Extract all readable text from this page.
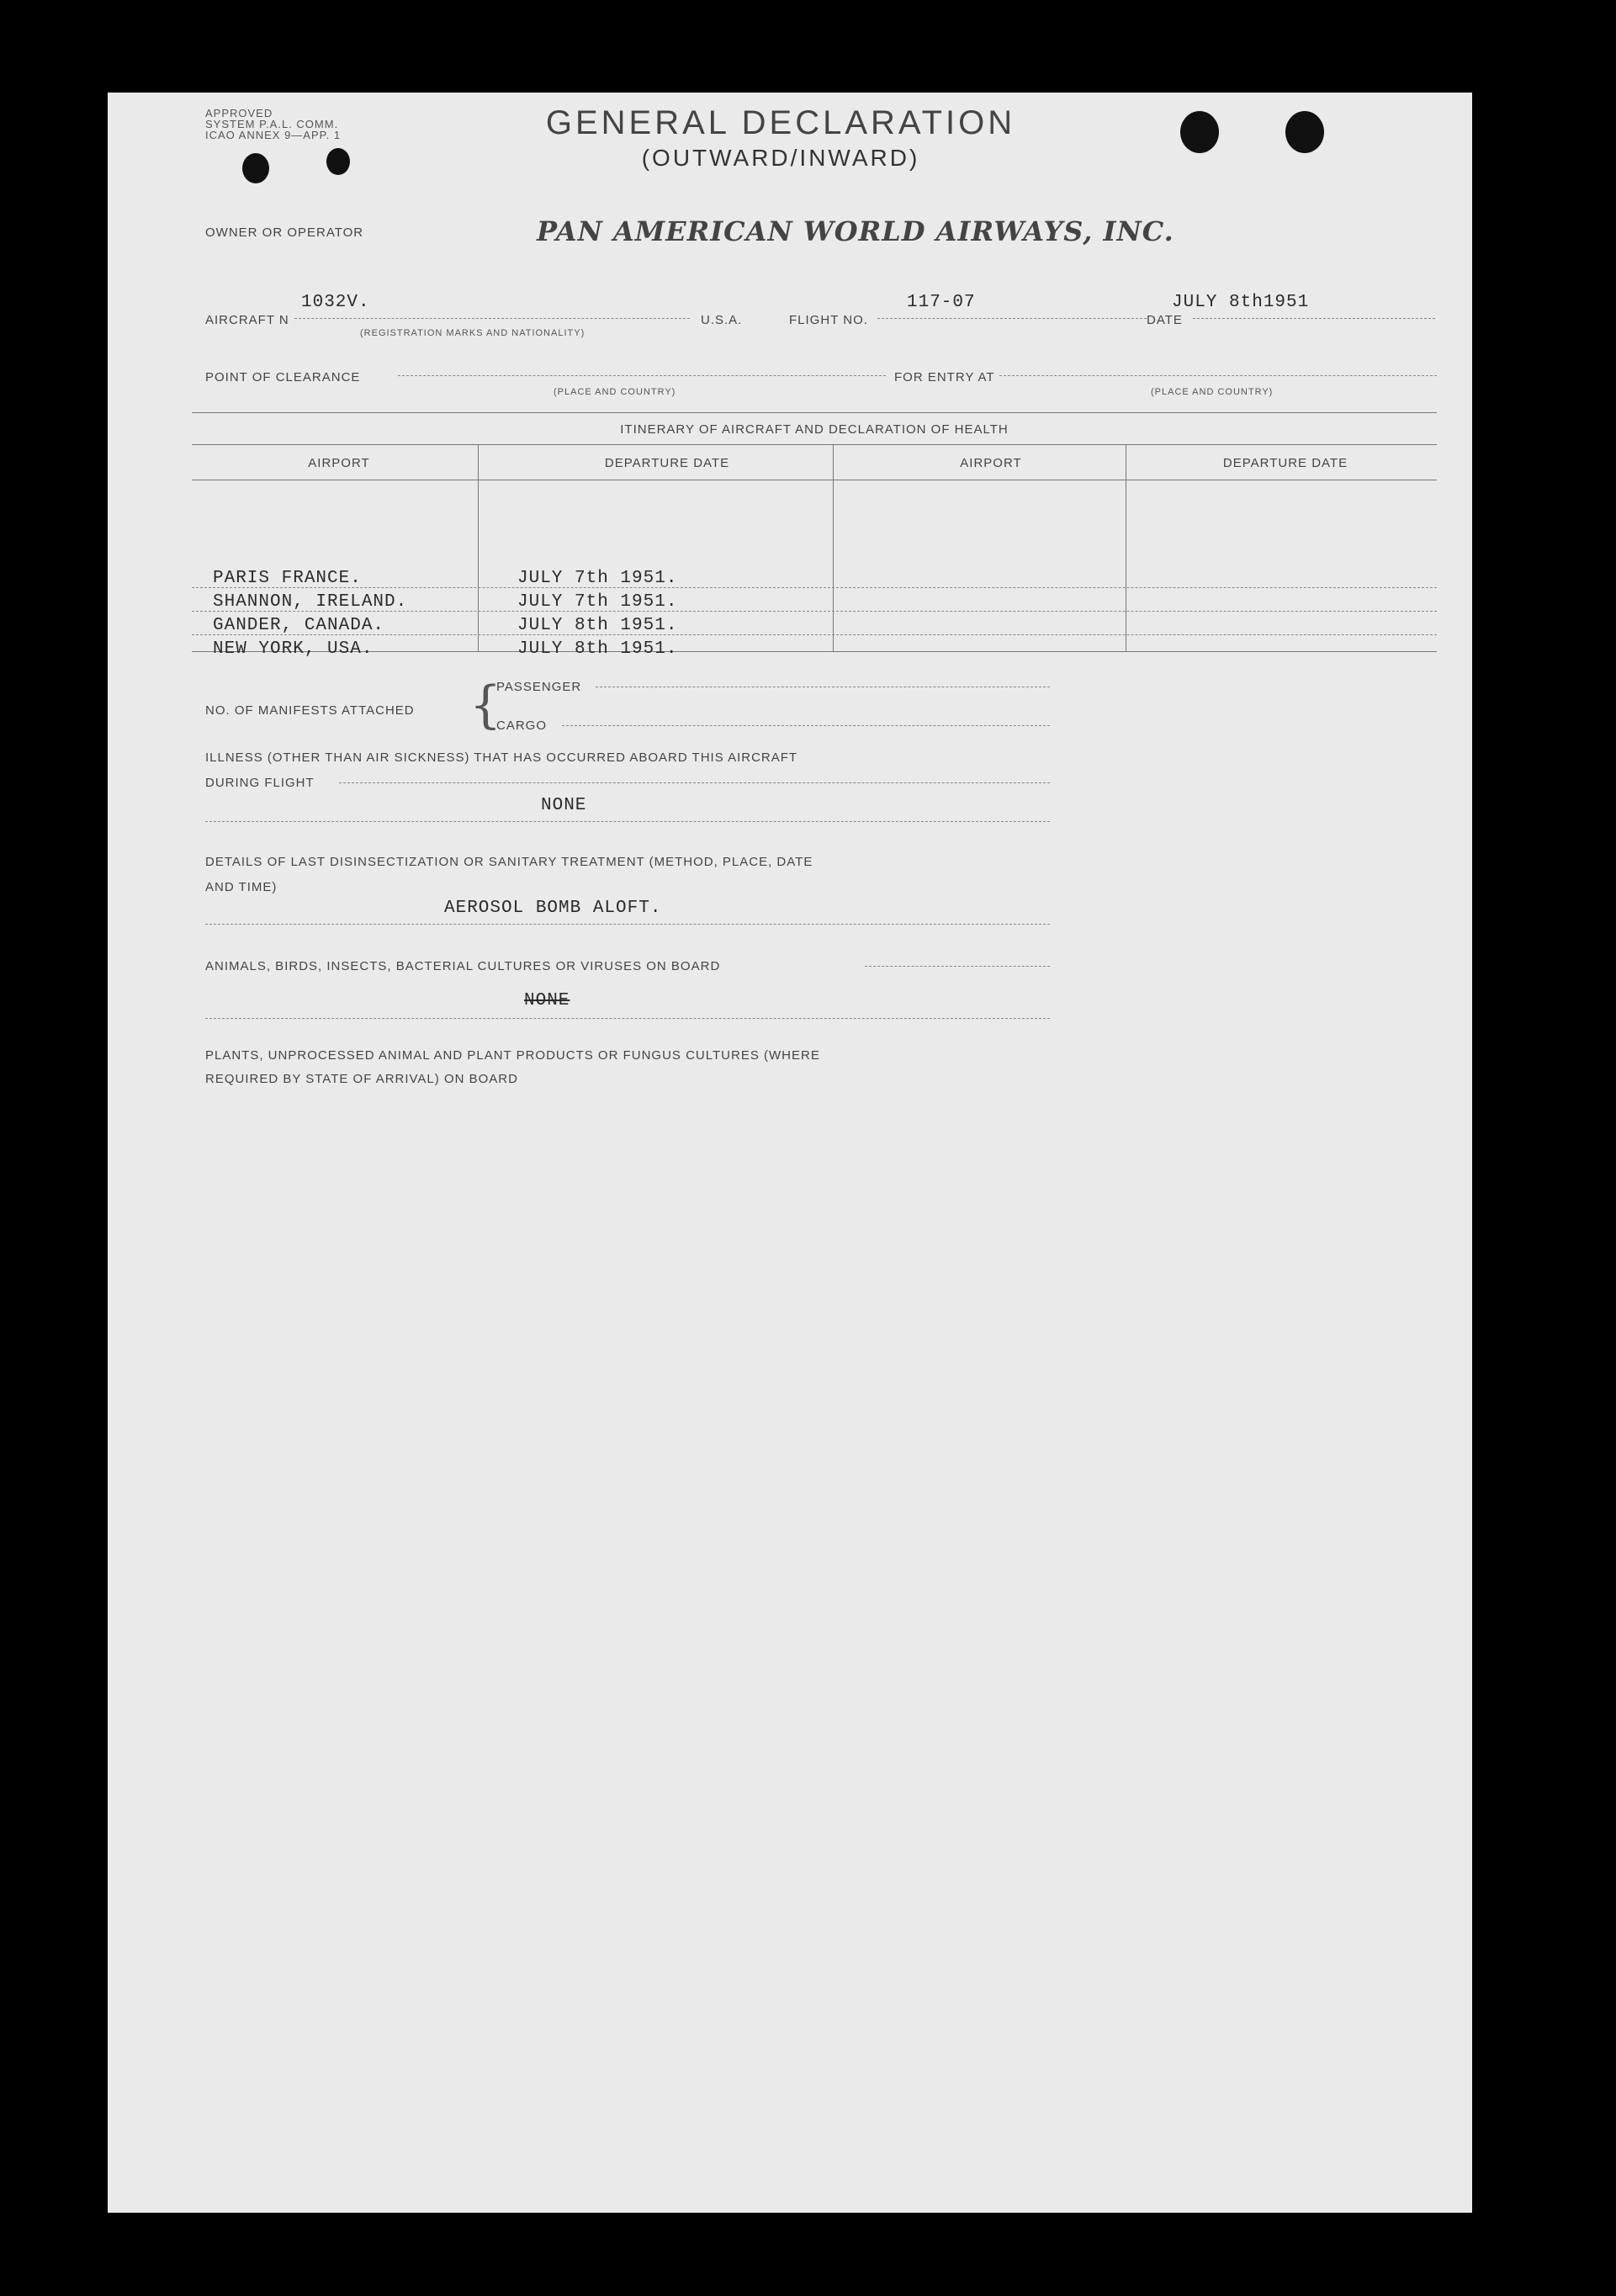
APPROVED
SYSTEM P.A.L. COMM.
ICAO ANNEX 9—APP. 1	GENERAL DECLARATION
(OUTWARD/INWARD)
OWNER OR OPERATOR	PAN AMERICAN WORLD AIRWAYS, INC.
AIRCRAFT N
1032V.
(REGISTRATION MARKS AND NATIONALITY)
U.S.A.	FLIGHT NO.
117-07
DATE
JULY 8th1951
POINT OF CLEARANCE
(PLACE AND COUNTRY)
FOR ENTRY AT
(PLACE AND COUNTRY)
ITINERARY OF AIRCRAFT AND DECLARATION OF HEALTH
AIRPORT	DEPARTURE DATE	AIRPORT	DEPARTURE DATE
PARIS FRANCE.	JULY 7th 1951.
SHANNON, IRELAND.	JULY 7th 1951.
GANDER, CANADA.	JULY 8th 1951.
NEW YORK, USA.	JULY 8th 1951.
NO. OF MANIFESTS ATTACHED {
PASSENGER
CARGO
ILLNESS (OTHER THAN AIR SICKNESS) THAT HAS OCCURRED ABOARD THIS AIRCRAFT
DURING FLIGHT
NONE
DETAILS OF LAST DISINSECTIZATION OR SANITARY TREATMENT (METHOD, PLACE, DATE
AND TIME)
AEROSOL BOMB ALOFT.
ANIMALS, BIRDS, INSECTS, BACTERIAL CULTURES OR VIRUSES ON BOARD
NONE
PLANTS, UNPROCESSED ANIMAL AND PLANT PRODUCTS OR FUNGUS CULTURES (WHERE
REQUIRED BY STATE OF ARRIVAL) ON BOARD
